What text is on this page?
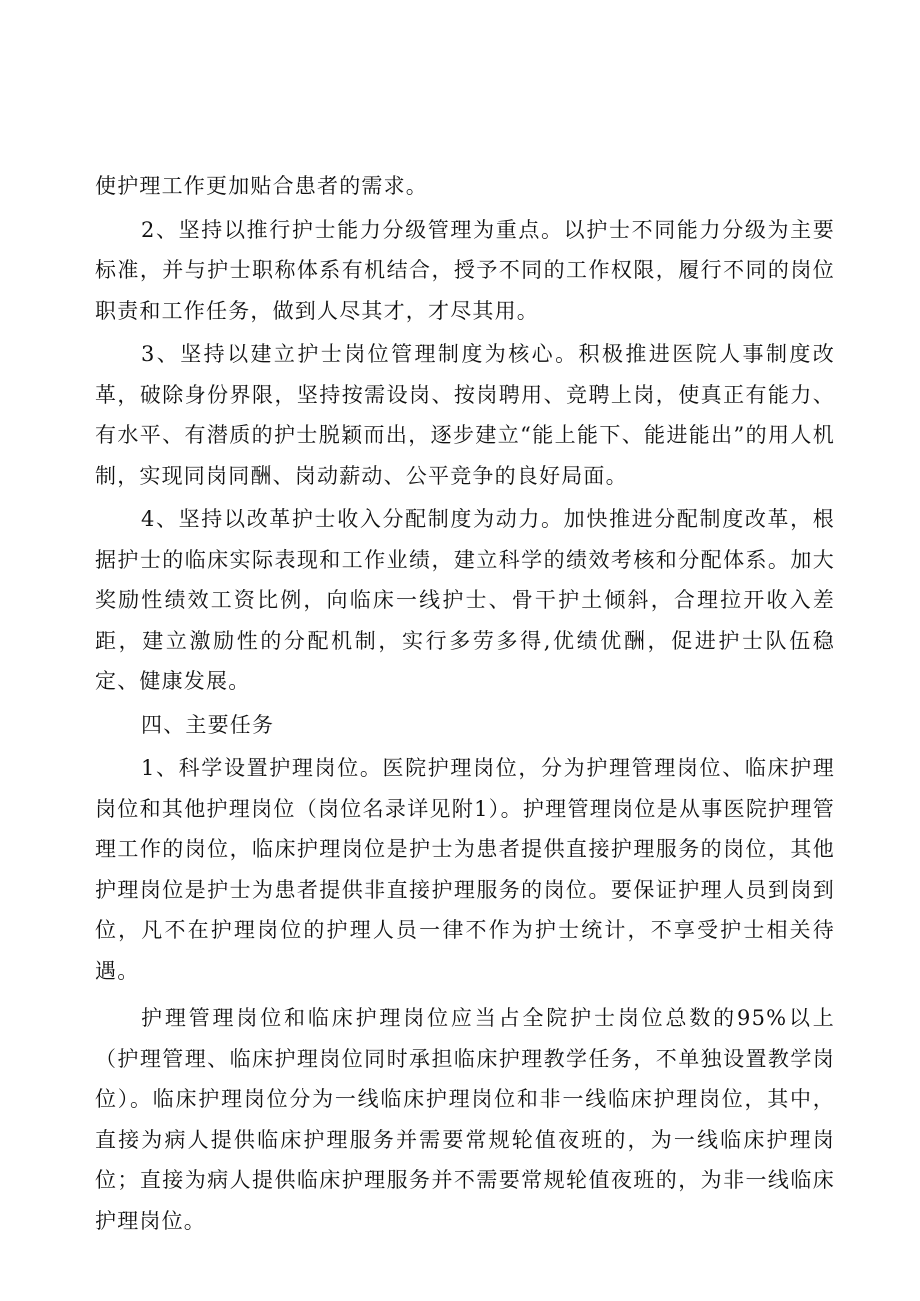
使护理工作更加贴合患者的需求。

2、坚持以推行护士能力分级管理为重点。以护士不同能力分级为主要标准，并与护士职称体系有机结合，授予不同的工作权限，履行不同的岗位职责和工作任务，做到人尽其才，才尽其用。

3、坚持以建立护士岗位管理制度为核心。积极推进医院人事制度改革，破除身份界限，坚持按需设岗、按岗聘用、竞聘上岗，使真正有能力、有水平、有潜质的护士脱颖而出，逐步建立“能上能下、能进能出”的用人机制，实现同岗同酬、岗动薪动、公平竞争的良好局面。

4、坚持以改革护士收入分配制度为动力。加快推进分配制度改革，根据护士的临床实际表现和工作业绩，建立科学的绩效考核和分配体系。加大奖励性绩效工资比例，向临床一线护士、骨干护土倾斜，合理拉开收入差距，建立激励性的分配机制，实行多劳多得,优绩优酬，促进护士队伍稳定、健康发展。

四、主要任务

1、科学设置护理岗位。医院护理岗位，分为护理管理岗位、临床护理岗位和其他护理岗位（岗位名录详见附1）。护理管理岗位是从事医院护理管理工作的岗位，临床护理岗位是护士为患者提供直接护理服务的岗位，其他护理岗位是护士为患者提供非直接护理服务的岗位。要保证护理人员到岗到位，凡不在护理岗位的护理人员一律不作为护士统计，不享受护士相关待遇。

护理管理岗位和临床护理岗位应当占全院护士岗位总数的95%以上（护理管理、临床护理岗位同时承担临床护理教学任务，不单独设置教学岗位）。临床护理岗位分为一线临床护理岗位和非一线临床护理岗位，其中，直接为病人提供临床护理服务并需要常规轮值夜班的，为一线临床护理岗位；直接为病人提供临床护理服务并不需要常规轮值夜班的，为非一线临床护理岗位。
